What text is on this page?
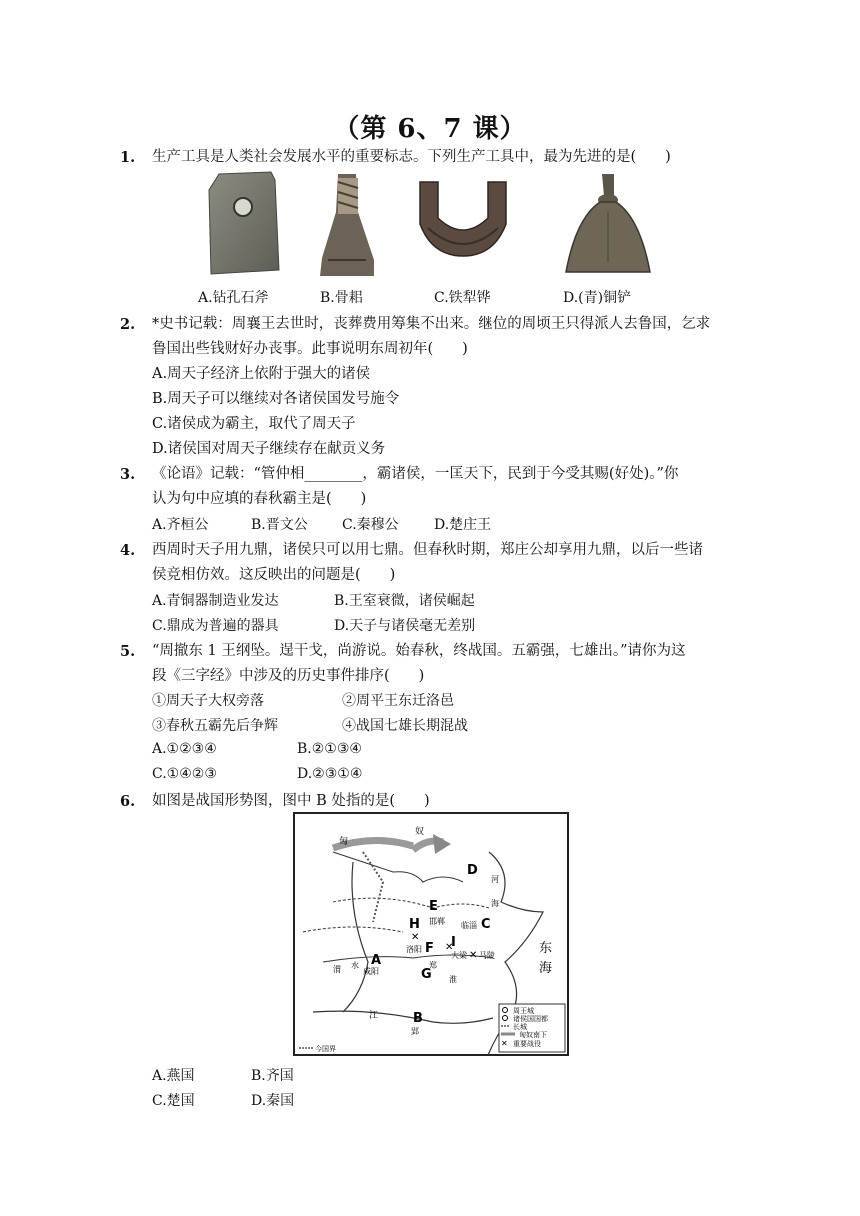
（第 6、7 课）
1. 生产工具是人类社会发展水平的重要标志。下列生产工具中，最为先进的是(　　)
A.钻孔石斧	B.骨耜	C.铁犁铧	D.(青)铜铲
2. *史书记载：周襄王去世时，丧葬费用筹集不出来。继位的周顷王只得派人去鲁国，乞求
鲁国出些钱财好办丧事。此事说明东周初年(　　)
A.周天子经济上依附于强大的诸侯
B.周天子可以继续对各诸侯国发号施令
C.诸侯成为霸主，取代了周天子
D.诸侯国对周天子继续存在献贡义务
3. 《论语》记载：“管仲相________，霸诸侯，一匡天下，民到于今受其赐(好处)。”你
认为句中应填的春秋霸主是(　　)
A.齐桓公	B.晋文公 C.秦穆公	D.楚庄王
4. 西周时天子用九鼎，诸侯只可以用七鼎。但春秋时期，郑庄公却享用九鼎，以后一些诸
侯竞相仿效。这反映出的问题是(　　)
A.青铜器制造业发达	B.王室衰微，诸侯崛起
C.鼎成为普遍的器具	D.天子与诸侯毫无差别
5. “周撤东 1 王纲坠。逞干戈，尚游说。始春秋，终战国。五霸强，七雄出。”请你为这
段《三字经》中涉及的历史事件排序(　　)
①周天子大权旁落	②周平王东迁洛邑
③春秋五霸先后争辉	④战国七雄长期混战
A.①②③④	B.②①③④
C.①④②③	D.②③①④
6. 如图是战国形势图，图中 B 处指的是(　　)
A
B
C
D
E
F
G
H
I
邯郸 临淄
洛阳
大梁
咸阳
郑
马陵
郢
东
海
渭 水
江
淮
河
海
匈
奴
✕
✕
✕
周王城
诸侯国国都
长城
匈奴南下
重要战役
✕
今国界
A.燕国	B.齐国
C.楚国	D.秦国
